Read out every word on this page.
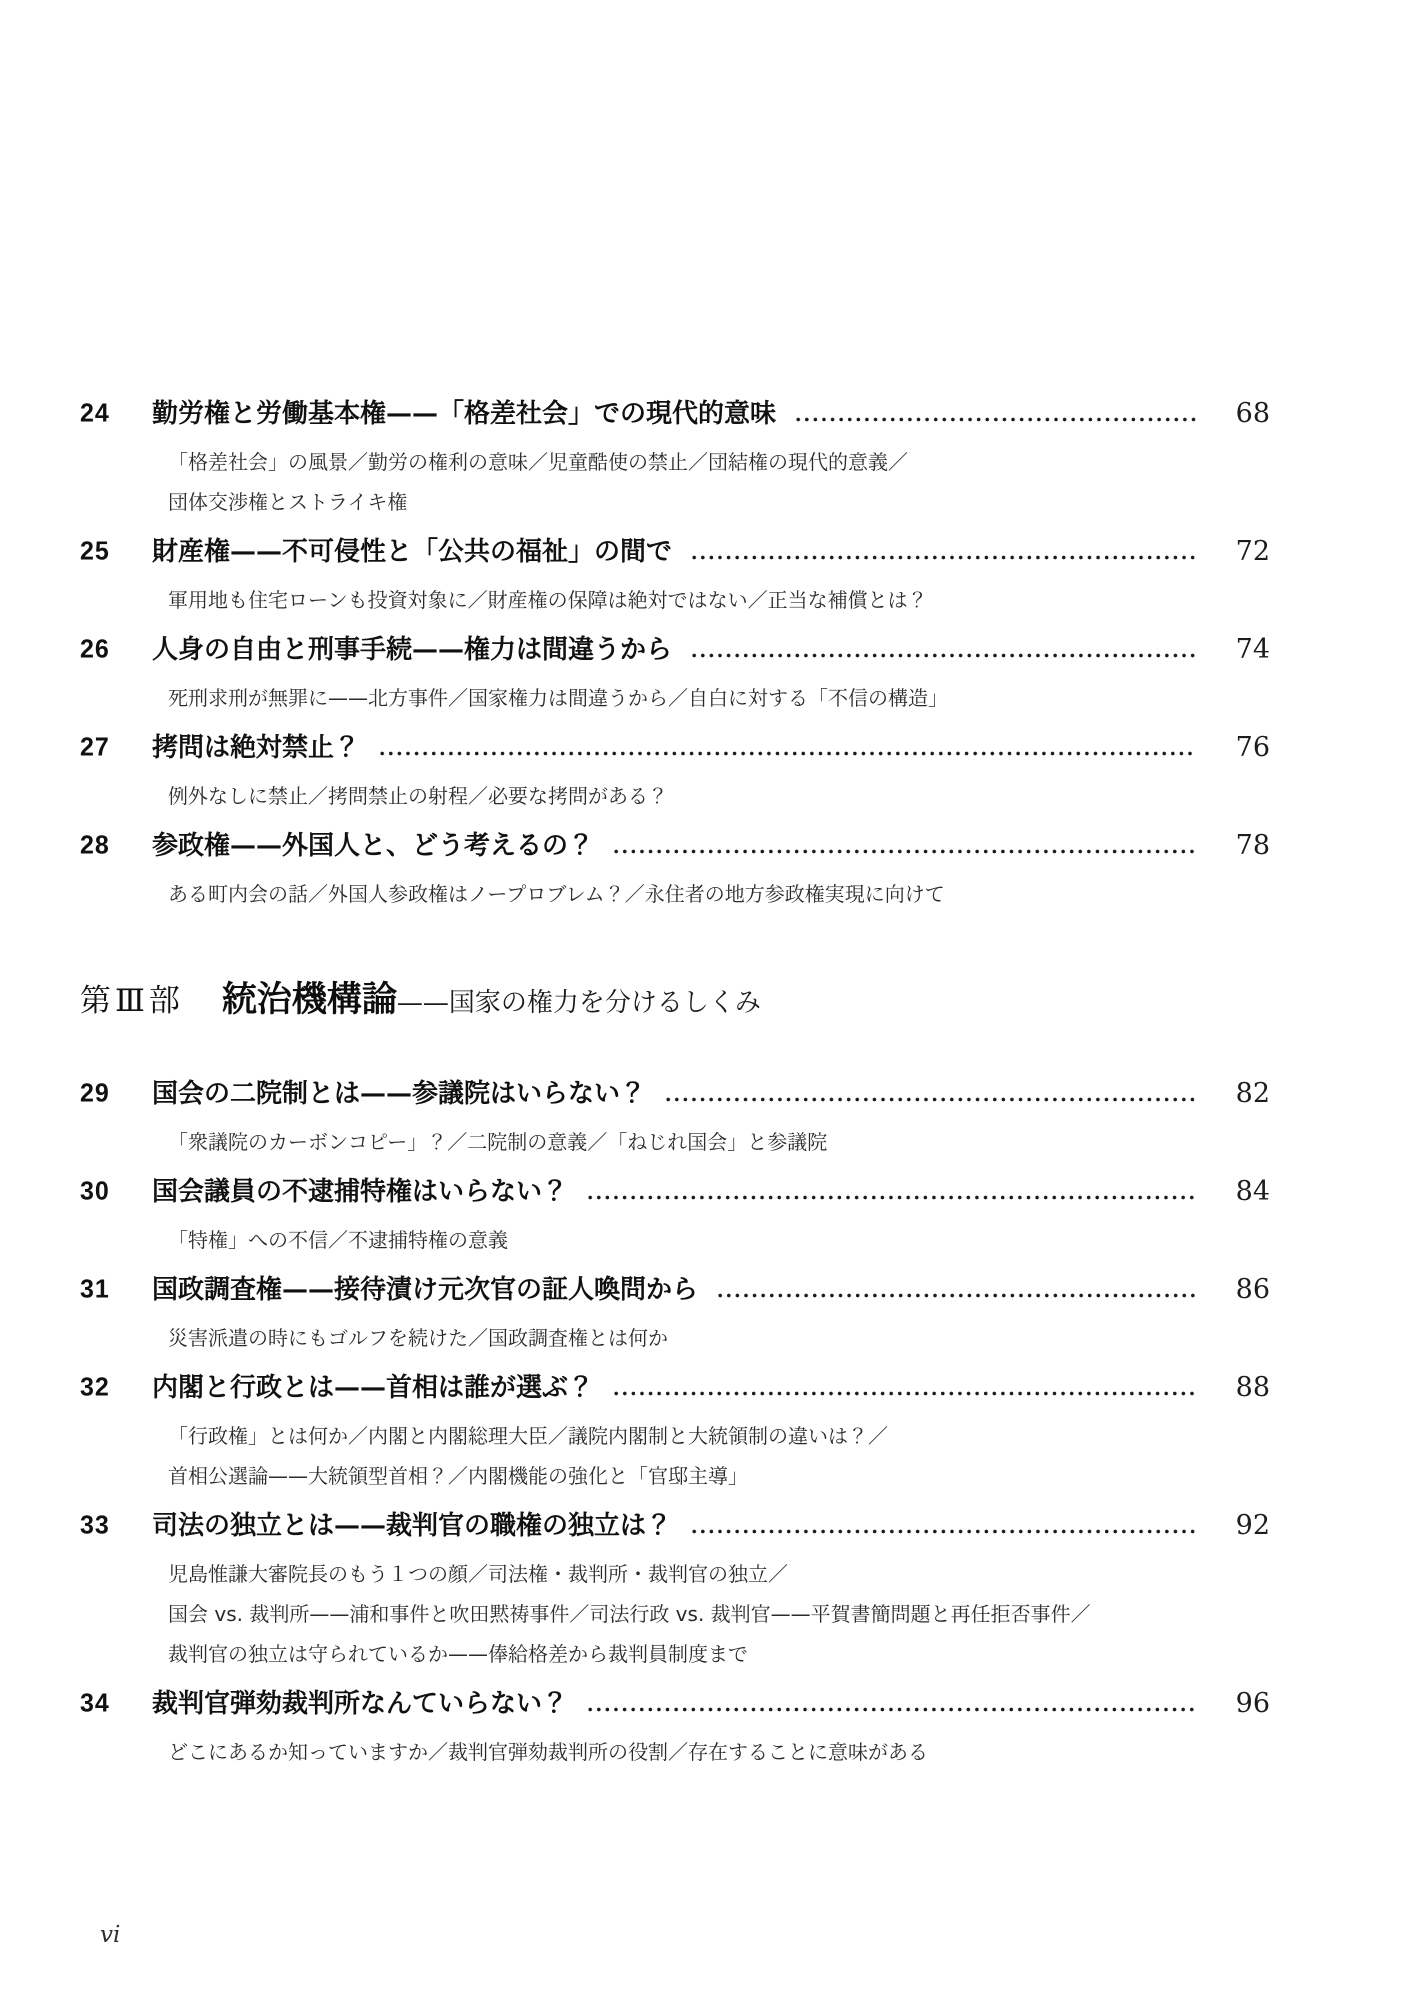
24	勤労権と労働基本権——「格差社会」での現代的意味	68
「格差社会」の風景／勤労の権利の意味／児童酷使の禁止／団結権の現代的意義／
団体交渉権とストライキ権
25	財産権——不可侵性と「公共の福祉」の間で	72
軍用地も住宅ローンも投資対象に／財産権の保障は絶対ではない／正当な補償とは？
26	人身の自由と刑事手続——権力は間違うから	74
死刑求刑が無罪に——北方事件／国家権力は間違うから／自白に対する「不信の構造」
27	拷問は絶対禁止？	76
例外なしに禁止／拷問禁止の射程／必要な拷問がある？
28	参政権——外国人と、どう考えるの？	78
ある町内会の話／外国人参政権はノープロブレム？／永住者の地方参政権実現に向けて
第Ⅲ部 統治機構論 —— 国家の権力を分けるしくみ
29	国会の二院制とは——参議院はいらない？	82
「衆議院のカーボンコピー」？／二院制の意義／「ねじれ国会」と参議院
30	国会議員の不逮捕特権はいらない？	84
「特権」への不信／不逮捕特権の意義
31	国政調査権——接待漬け元次官の証人喚問から	86
災害派遣の時にもゴルフを続けた／国政調査権とは何か
32	内閣と行政とは——首相は誰が選ぶ？	88
「行政権」とは何か／内閣と内閣総理大臣／議院内閣制と大統領制の違いは？／
首相公選論——大統領型首相？／内閣機能の強化と「官邸主導」
33	司法の独立とは——裁判官の職権の独立は？	92
児島惟謙大審院長のもう１つの顔／司法権・裁判所・裁判官の独立／
国会 vs. 裁判所——浦和事件と吹田黙祷事件／司法行政 vs. 裁判官——平賀書簡問題と再任拒否事件／
裁判官の独立は守られているか——俸給格差から裁判員制度まで
34	裁判官弾劾裁判所なんていらない？	96
どこにあるか知っていますか／裁判官弾劾裁判所の役割／存在することに意味がある
vi
